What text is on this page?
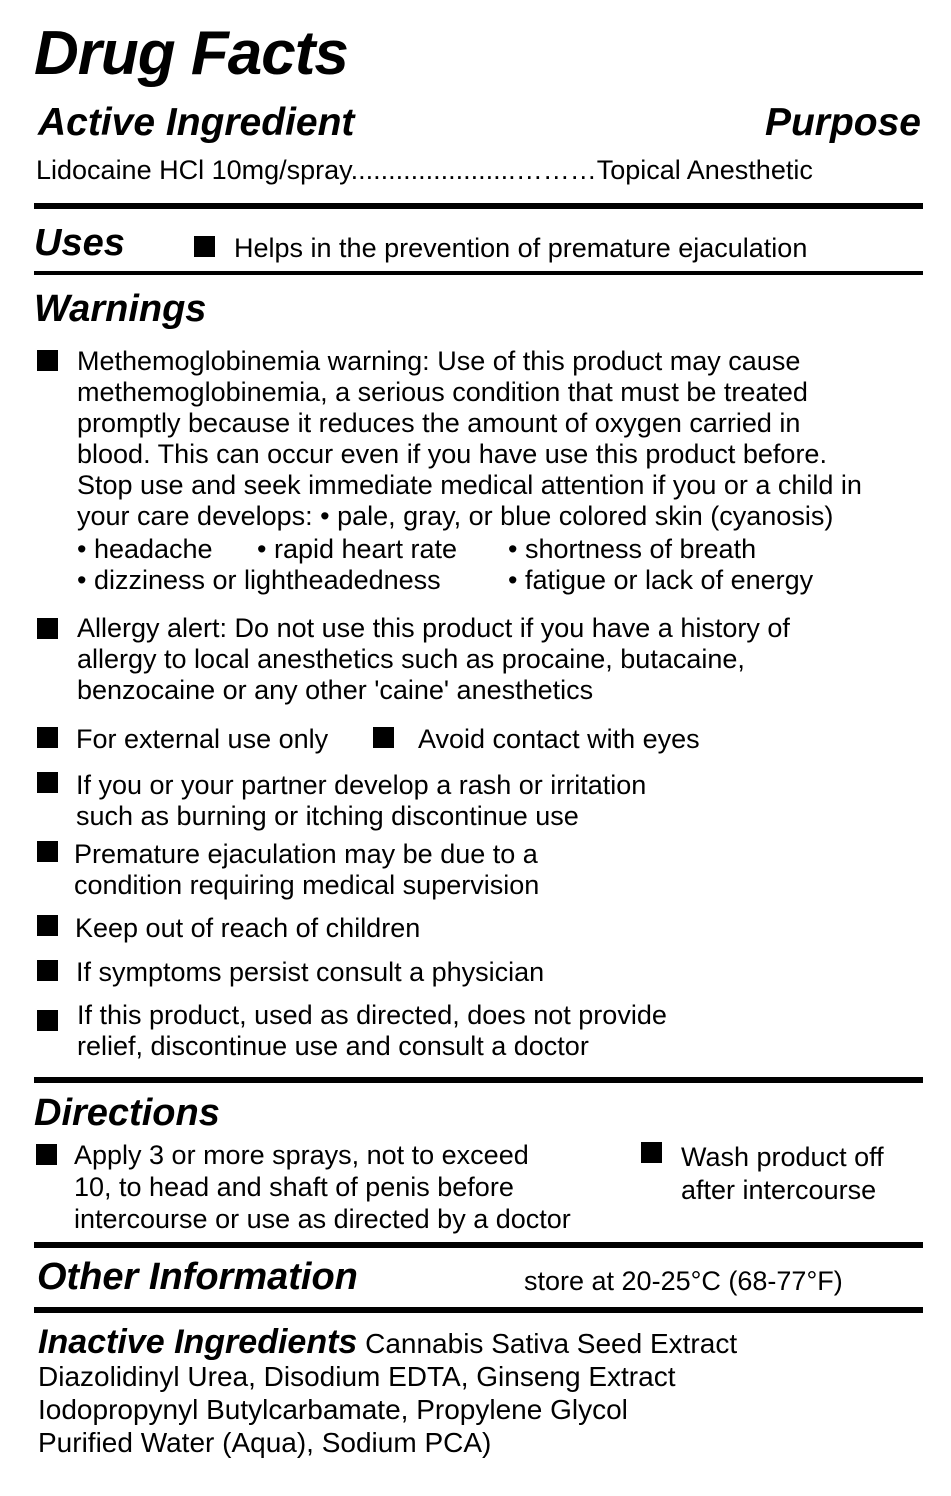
Drug Facts
Active Ingredient	Purpose
Lidocaine HCl 10mg/spray......................………Topical Anesthetic
Uses	Helps in the prevention of premature ejaculation
Warnings
Methemoglobinemia warning: Use of this product may cause
methemoglobinemia, a serious condition that must be treated
promptly because it reduces the amount of oxygen carried in
blood. This can occur even if you have use this product before.
Stop use and seek immediate medical attention if you or a child in
your care develops: • pale, gray, or blue colored skin (cyanosis)
• headache • rapid heart rate • shortness of breath
• dizziness or lightheadedness • fatigue or lack of energy
Allergy alert: Do not use this product if you have a history of
allergy to local anesthetics such as procaine, butacaine,
benzocaine or any other 'caine' anesthetics
For external use only	Avoid contact with eyes
If you or your partner develop a rash or irritation
such as burning or itching discontinue use
Premature ejaculation may be due to a
condition requiring medical supervision
Keep out of reach of children
If symptoms persist consult a physician
If this product, used as directed, does not provide
relief, discontinue use and consult a doctor
Directions
Apply 3 or more sprays, not to exceed
10, to head and shaft of penis before
intercourse or use as directed by a doctor
Wash product off
after intercourse
Other Information	store at 20-25°C (68-77°F)
Inactive Ingredients Cannabis Sativa Seed Extract
Diazolidinyl Urea, Disodium EDTA, Ginseng Extract
Iodopropynyl Butylcarbamate, Propylene Glycol
Purified Water (Aqua), Sodium PCA)
